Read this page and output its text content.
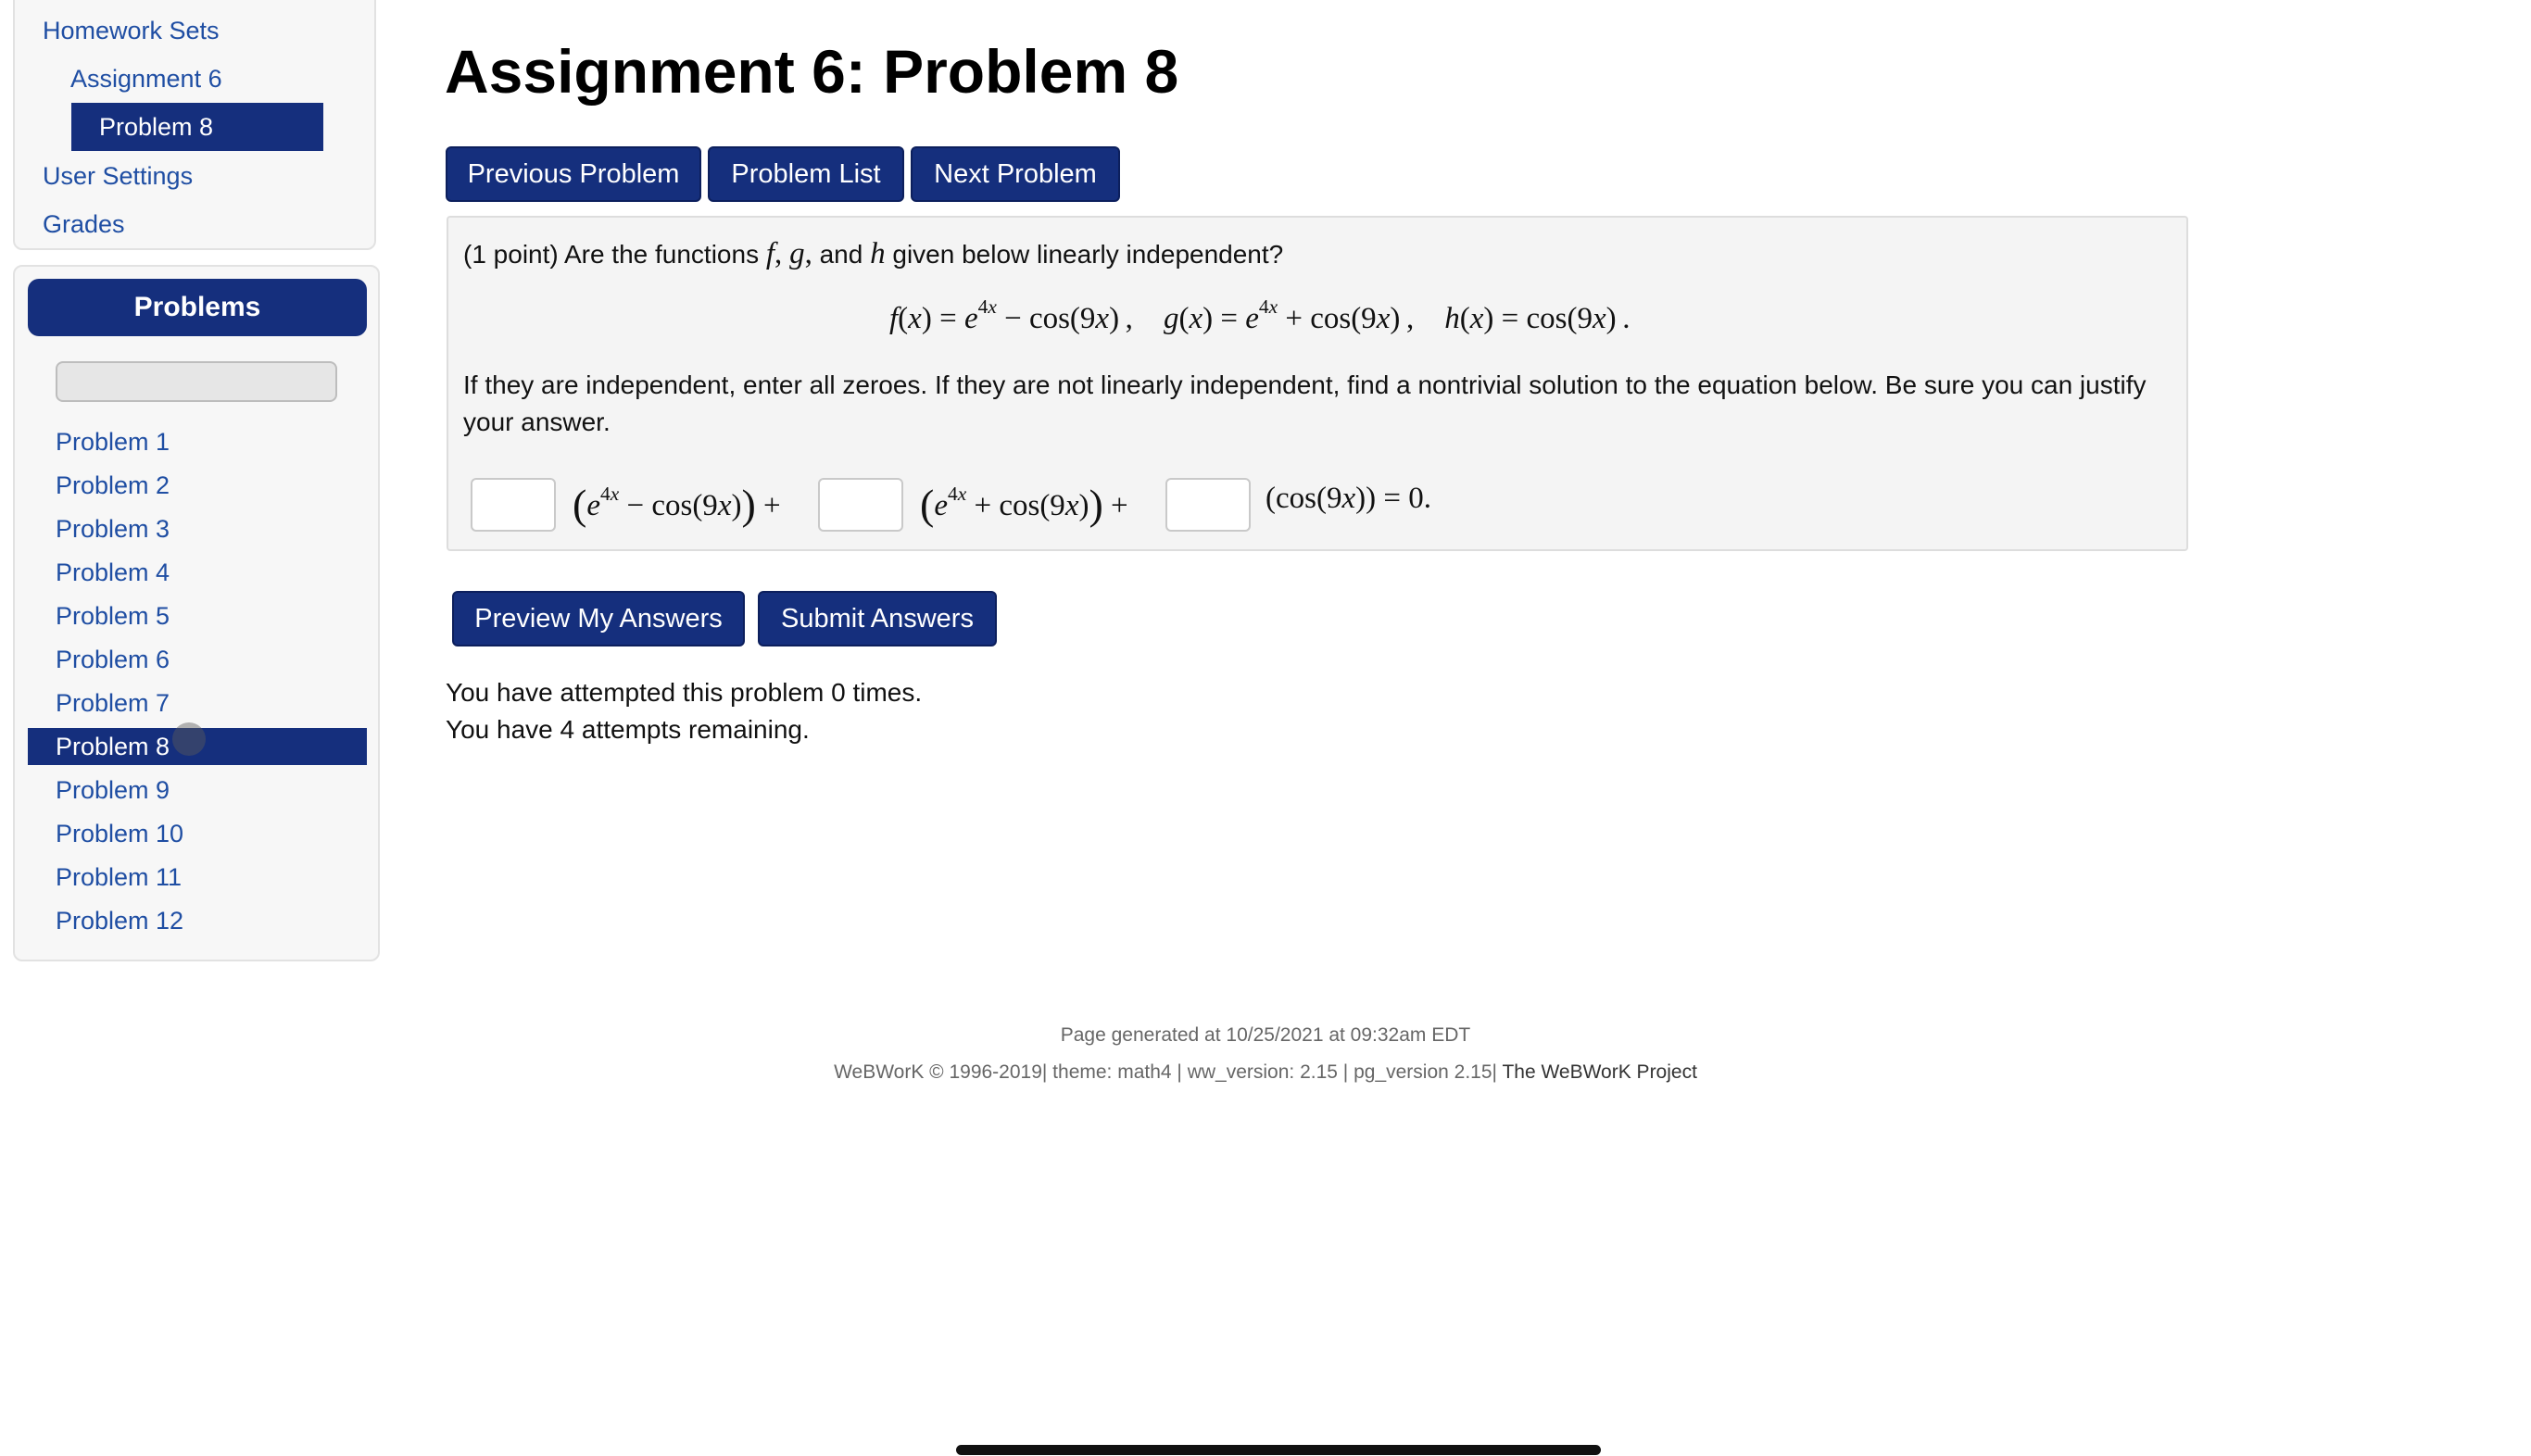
Homework Sets
Assignment 6
Problem 8
User Settings
Grades
Problems
Problem 1
Problem 2
Problem 3
Problem 4
Problem 5
Problem 6
Problem 7
Problem 8
Problem 9
Problem 10
Problem 11
Problem 12
Assignment 6: Problem 8
Previous Problem	Problem List	Next Problem
(1 point) Are the functions f, g, and h given below linearly independent?
$f(x) = e^{4x} - \cos(9x)$ ,    $g(x) = e^{4x} + \cos(9x)$ ,    h(x) = cos(9x) .
If they are independent, enter all zeroes. If they are not linearly independent, find a nontrivial solution to the equation below. Be sure you can justify your answer.
$(e^{4x} - \cos(9x))$ +	$(e^{4x} + \cos(9x))$ +	(cos(9x)) = 0.
Preview My Answers	Submit Answers
You have attempted this problem 0 times.
You have 4 attempts remaining.
Page generated at 10/25/2021 at 09:32am EDT
WeBWorK © 1996-2019| theme: math4 | ww_version: 2.15 | pg_version 2.15| The WeBWorK Project
